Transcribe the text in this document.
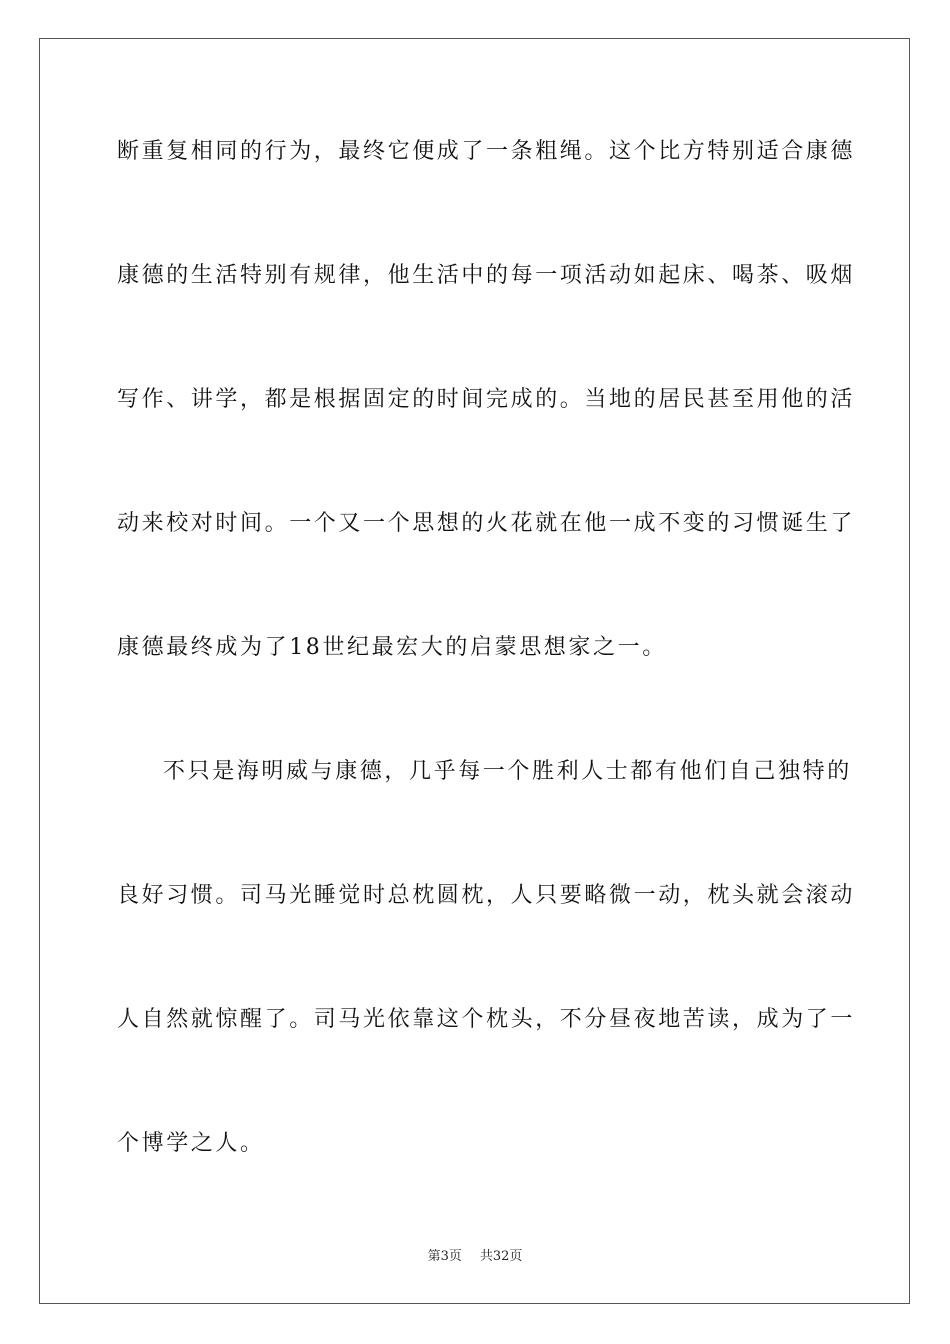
断重复相同的行为，最终它便成了一条粗绳。这个比方特别适合康德
康德的生活特别有规律，他生活中的每一项活动如起床、喝茶、吸烟
写作、讲学，都是根据固定的时间完成的。当地的居民甚至用他的活
动来校对时间。一个又一个思想的火花就在他一成不变的习惯诞生了
康德最终成为了18世纪最宏大的启蒙思想家之一。
不只是海明威与康德，几乎每一个胜利人士都有他们自己独特的
良好习惯。司马光睡觉时总枕圆枕，人只要略微一动，枕头就会滚动
人自然就惊醒了。司马光依靠这个枕头，不分昼夜地苦读，成为了一
个博学之人。
第3页 共32页
